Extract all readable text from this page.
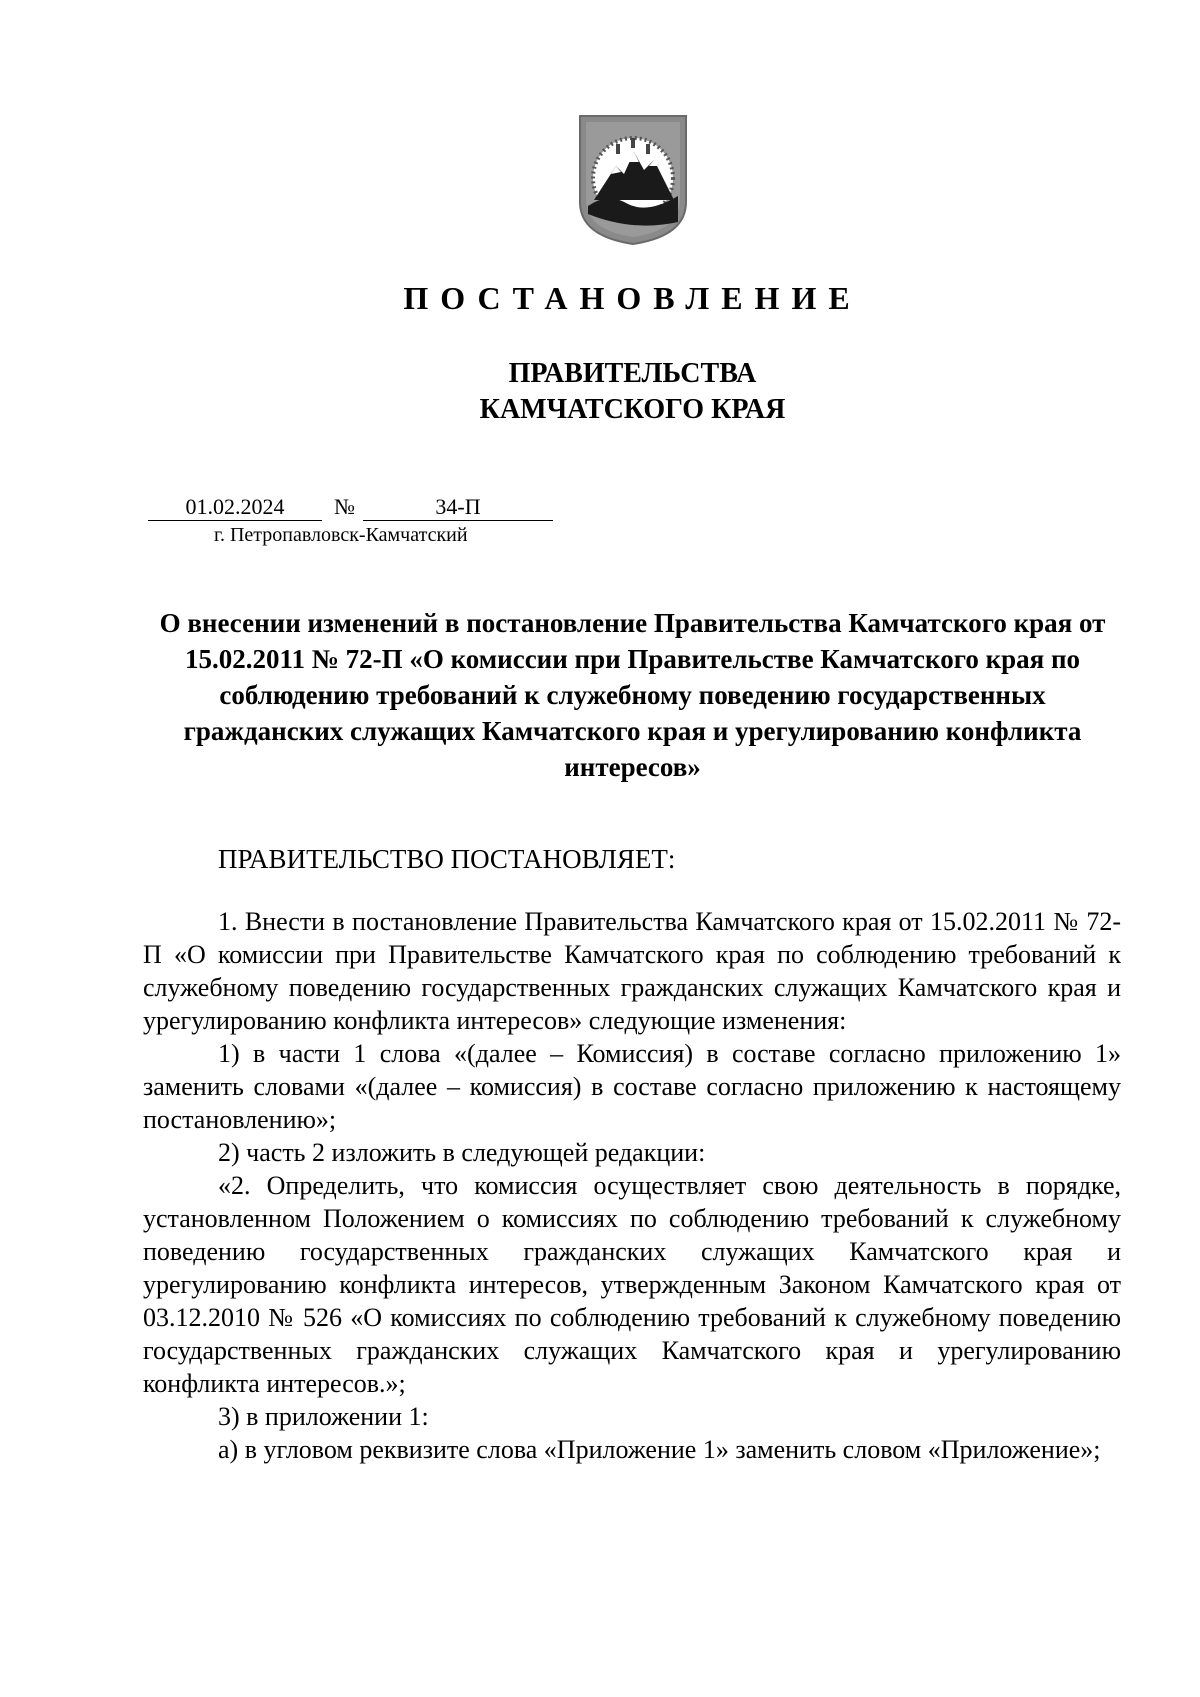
ПОСТАНОВЛЕНИЕ
ПРАВИТЕЛЬСТВА
КАМЧАТСКОГО КРАЯ
01.02.2024	№	34-П
г. Петропавловск-Камчатский
О внесении изменений в постановление Правительства Камчатского края от 15.02.2011 № 72-П «О комиссии при Правительстве Камчатского края по соблюдению требований к служебному поведению государственных гражданских служащих Камчатского края и урегулированию конфликта интересов»
ПРАВИТЕЛЬСТВО ПОСТАНОВЛЯЕТ:

1. Внести в постановление Правительства Камчатского края от 15.02.2011 № 72-П «О комиссии при Правительстве Камчатского края по соблюдению требований к служебному поведению государственных гражданских служащих Камчатского края и урегулированию конфликта интересов» следующие изменения:

1) в части 1 слова «(далее – Комиссия) в составе согласно приложению 1» заменить словами «(далее – комиссия) в составе согласно приложению к настоящему постановлению»;

2) часть 2 изложить в следующей редакции:

«2. Определить, что комиссия осуществляет свою деятельность в порядке, установленном Положением о комиссиях по соблюдению требований к служебному поведению государственных гражданских служащих Камчатского края и урегулированию конфликта интересов, утвержденным Законом Камчатского края от 03.12.2010 № 526 «О комиссиях по соблюдению требований к служебному поведению государственных гражданских служащих Камчатского края и урегулированию конфликта интересов.»;

3) в приложении 1:

а) в угловом реквизите слова «Приложение 1» заменить словом «Приложение»;
